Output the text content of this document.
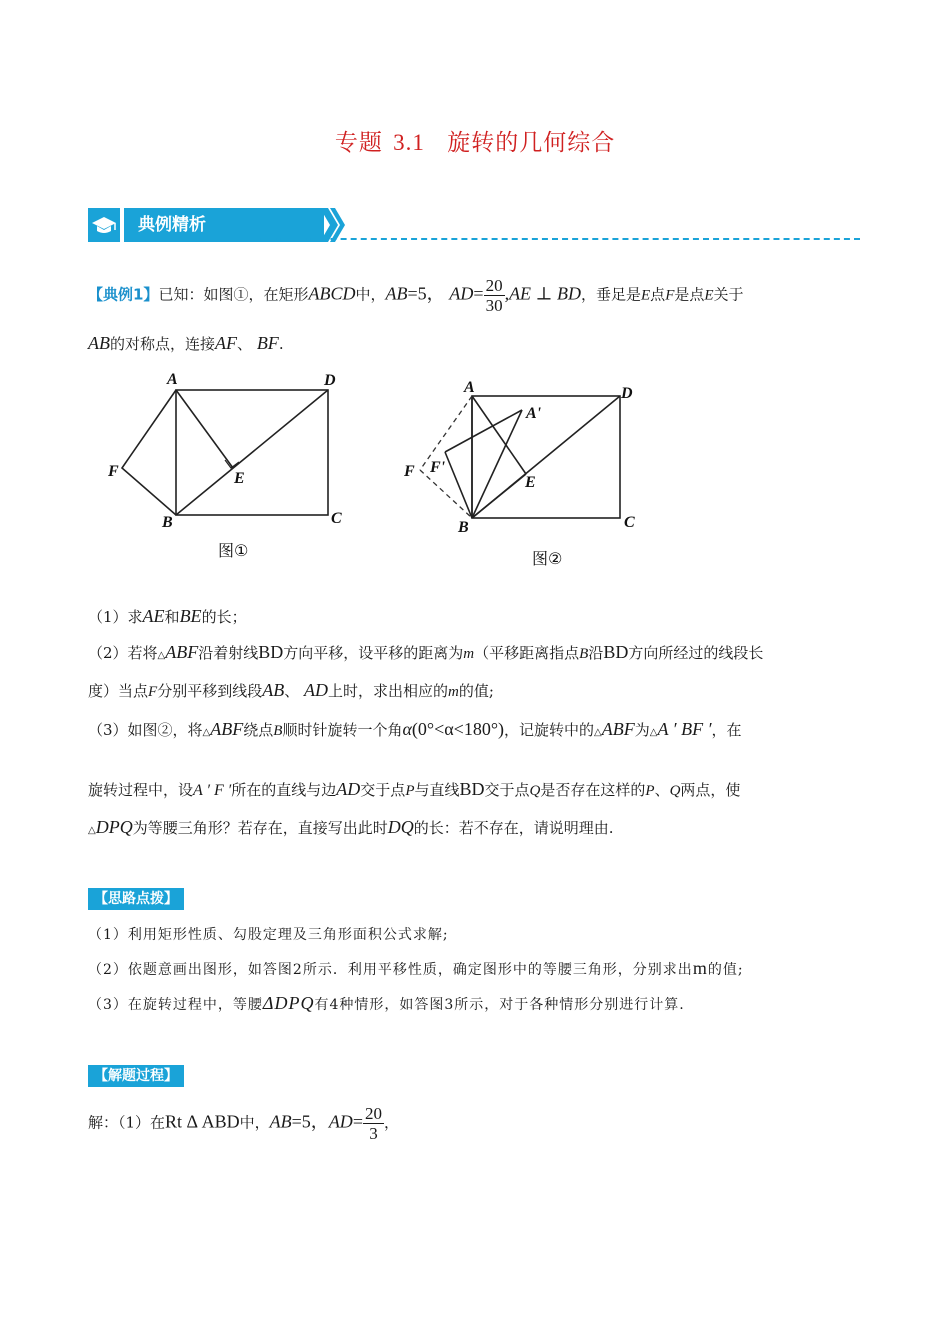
专题 3.1 旋转的几何综合
典例精析
【典例1】已知：如图①，在矩形ABCD中，AB=5， $AD= \frac{20}{30} ,AE$ ⊥ BD，垂足是E点F是点E关于
AB的对称点，连接AF、 BF.
A	D
F	E
B	C
图①
A	D
A'
F F'
E
B	C
图②
（1）求AE和BE的长；
（2）若将△ABF沿着射线BD方向平移，设平移的距离为m（平移距离指点B沿BD方向所经过的线段长
度）当点F分别平移到线段AB、 AD上时，求出相应的m的值;
（3）如图②，将△ABF绕点B顺时针旋转一个角α(0°<α<180°)，记旋转中的△ABF为△A ′ BF ′，在
旋转过程中，设A ′ F ′所在的直线与边AD交于点P与直线BD交于点Q是否存在这样的P、Q两点，使
△DPQ为等腰三角形？若存在，直接写出此时DQ的长：若不存在，请说明理由.
【思路点拨】
（1）利用矩形性质、勾股定理及三角形面积公式求解;
（2）依题意画出图形，如答图2所示．利用平移性质，确定图形中的等腰三角形，分别求出m的值;
（3）在旋转过程中，等腰ΔDPQ有4种情形，如答图3所示，对于各种情形分别进行计算.
【解题过程】
解：（1）在Rt Δ ABD中，AB=5，$AD= \frac{20}{3}$ ，
